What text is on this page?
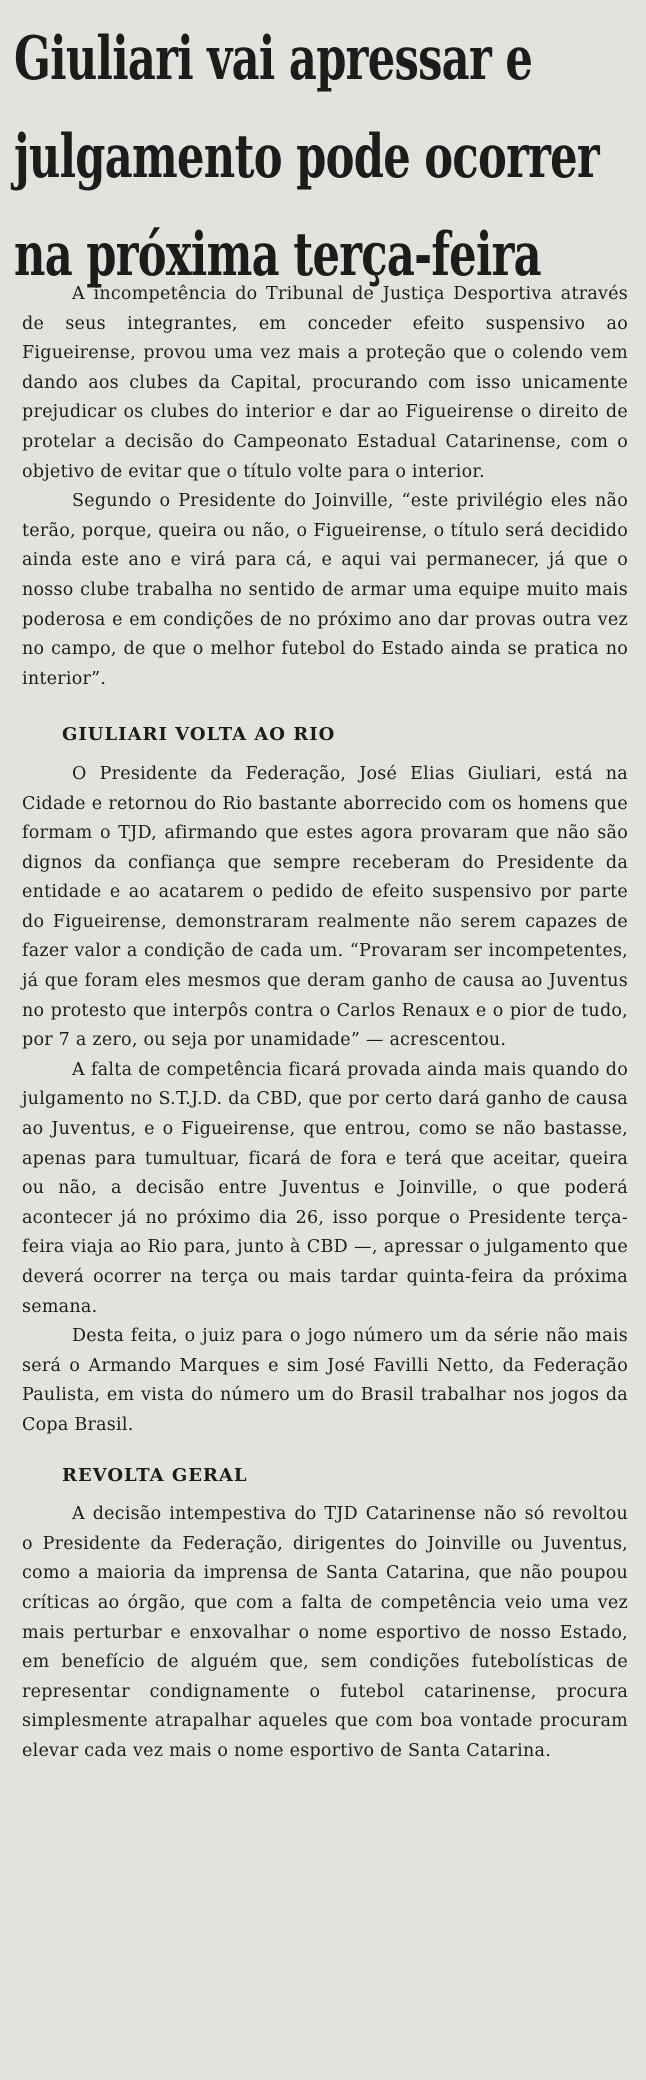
Giuliari vai apressar e
julgamento pode ocorrer
na próxima terça-feira

A incompetência do Tribunal de Justiça Desportiva através de seus integrantes, em conceder efeito suspensivo ao Figueirense, provou uma vez mais a proteção que o colendo vem dando aos clubes da Capital, procurando com isso unicamente prejudicar os clubes do interior e dar ao Figueirense o direito de protelar a decisão do Campeonato Estadual Catarinense, com o objetivo de evitar que o título volte para o interior.

Segundo o Presidente do Joinville, “este privilégio eles não terão, porque, queira ou não, o Figueirense, o título será decidido ainda este ano e virá para cá, e aqui vai permanecer, já que o nosso clube trabalha no sentido de armar uma equipe muito mais poderosa e em condições de no próximo ano dar provas outra vez no campo, de que o melhor futebol do Estado ainda se pratica no interior”.

GIULIARI VOLTA AO RIO

O Presidente da Federação, José Elias Giuliari, está na Cidade e retornou do Rio bastante aborrecido com os homens que formam o TJD, afirmando que estes agora provaram que não são dignos da confiança que sempre receberam do Presidente da entidade e ao acatarem o pedido de efeito suspensivo por parte do Figueirense, demonstraram realmente não serem capazes de fazer valor a condição de cada um. “Provaram ser incompetentes, já que foram eles mesmos que deram ganho de causa ao Juventus no protesto que interpôs contra o Carlos Renaux e o pior de tudo, por 7 a zero, ou seja por unamidade” — acrescentou.

A falta de competência ficará provada ainda mais quando do julgamento no S.T.J.D. da CBD, que por certo dará ganho de causa ao Juventus, e o Figueirense, que entrou, como se não bastasse, apenas para tumultuar, ficará de fora e terá que aceitar, queira ou não, a decisão entre Juventus e Joinville, o que poderá acontecer já no próximo dia 26, isso porque o Presidente terça-feira viaja ao Rio para, junto à CBD —, apressar o julgamento que deverá ocorrer na terça ou mais tardar quinta-feira da próxima semana.

Desta feita, o juiz para o jogo número um da série não mais será o Armando Marques e sim José Favilli Netto, da Federação Paulista, em vista do número um do Brasil trabalhar nos jogos da Copa Brasil.

REVOLTA GERAL

A decisão intempestiva do TJD Catarinense não só revoltou o Presidente da Federação, dirigentes do Joinville ou Juventus, como a maioria da imprensa de Santa Catarina, que não poupou críticas ao órgão, que com a falta de competência veio uma vez mais perturbar e enxovalhar o nome esportivo de nosso Estado, em benefício de alguém que, sem condições futebolísticas de representar condignamente o futebol catarinense, procura simplesmente atrapalhar aqueles que com boa vontade procuram elevar cada vez mais o nome esportivo de Santa Catarina.
